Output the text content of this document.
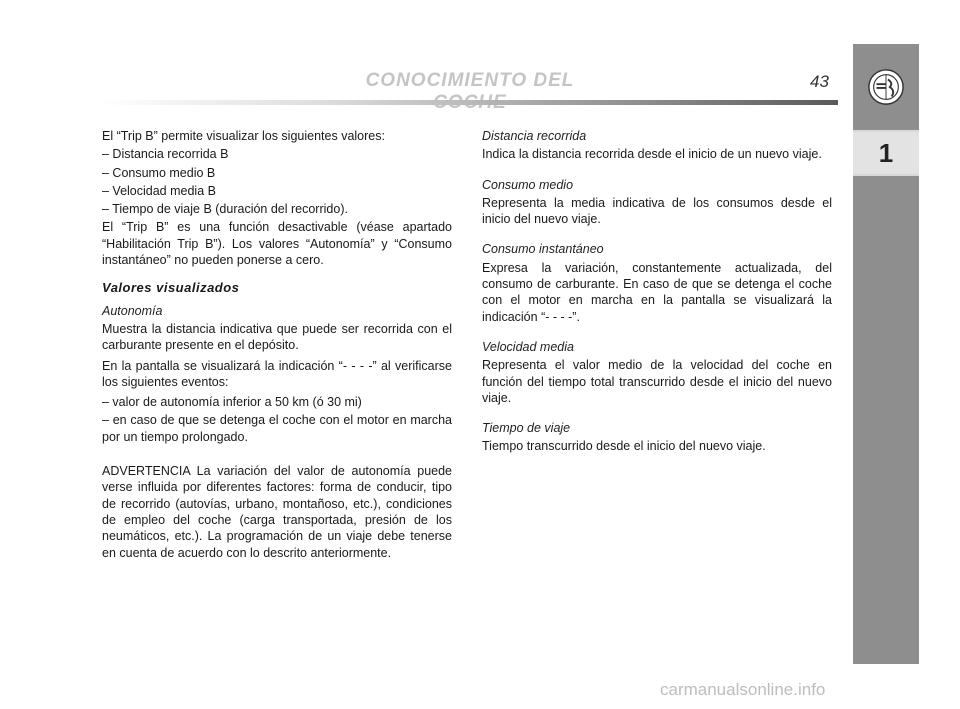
CONOCIMIENTO DEL	43
1

El “Trip B” permite visualizar los siguientes valores:

– Distancia recorrida B

– Consumo medio B

– Velocidad media B

– Tiempo de viaje B (duración del recorrido).

El “Trip B” es una función desactivable (véase apartado “Habilitación Trip B”). Los valores “Autonomía” y “Consumo instantáneo” no pueden ponerse a cero.

Valores visualizados
Autonomía

Muestra la distancia indicativa que puede ser recorrida con el carburante presente en el depósito.

En la pantalla se visualizará la indicación “- - - -” al verificarse los siguientes eventos:

– valor de autonomía inferior a 50 km (ó 30 mi)

– en caso de que se detenga el coche con el motor en marcha por un tiempo prolongado.

ADVERTENCIA La variación del valor de autonomía puede verse influida por diferentes factores: forma de conducir, tipo de recorrido (autovías, urbano, montañoso, etc.), condiciones de empleo del coche (carga transportada, presión de los neumáticos, etc.). La programación de un viaje debe tenerse en cuenta de acuerdo con lo descrito anteriormente.

Distancia recorrida

Indica la distancia recorrida desde el inicio de un nuevo viaje.

Consumo medio

Representa la media indicativa de los consumos desde el inicio del nuevo viaje.

Consumo instantáneo

Expresa la variación, constantemente actualizada, del consumo de carburante. En caso de que se detenga el coche con el motor en marcha en la pantalla se visualizará la indicación “- - - -”.

Velocidad media

Representa el valor medio de la velocidad del coche en función del tiempo total transcurrido desde el inicio del nuevo viaje.

Tiempo de viaje

Tiempo transcurrido desde el inicio del nuevo viaje.

carmanualsonline.info
